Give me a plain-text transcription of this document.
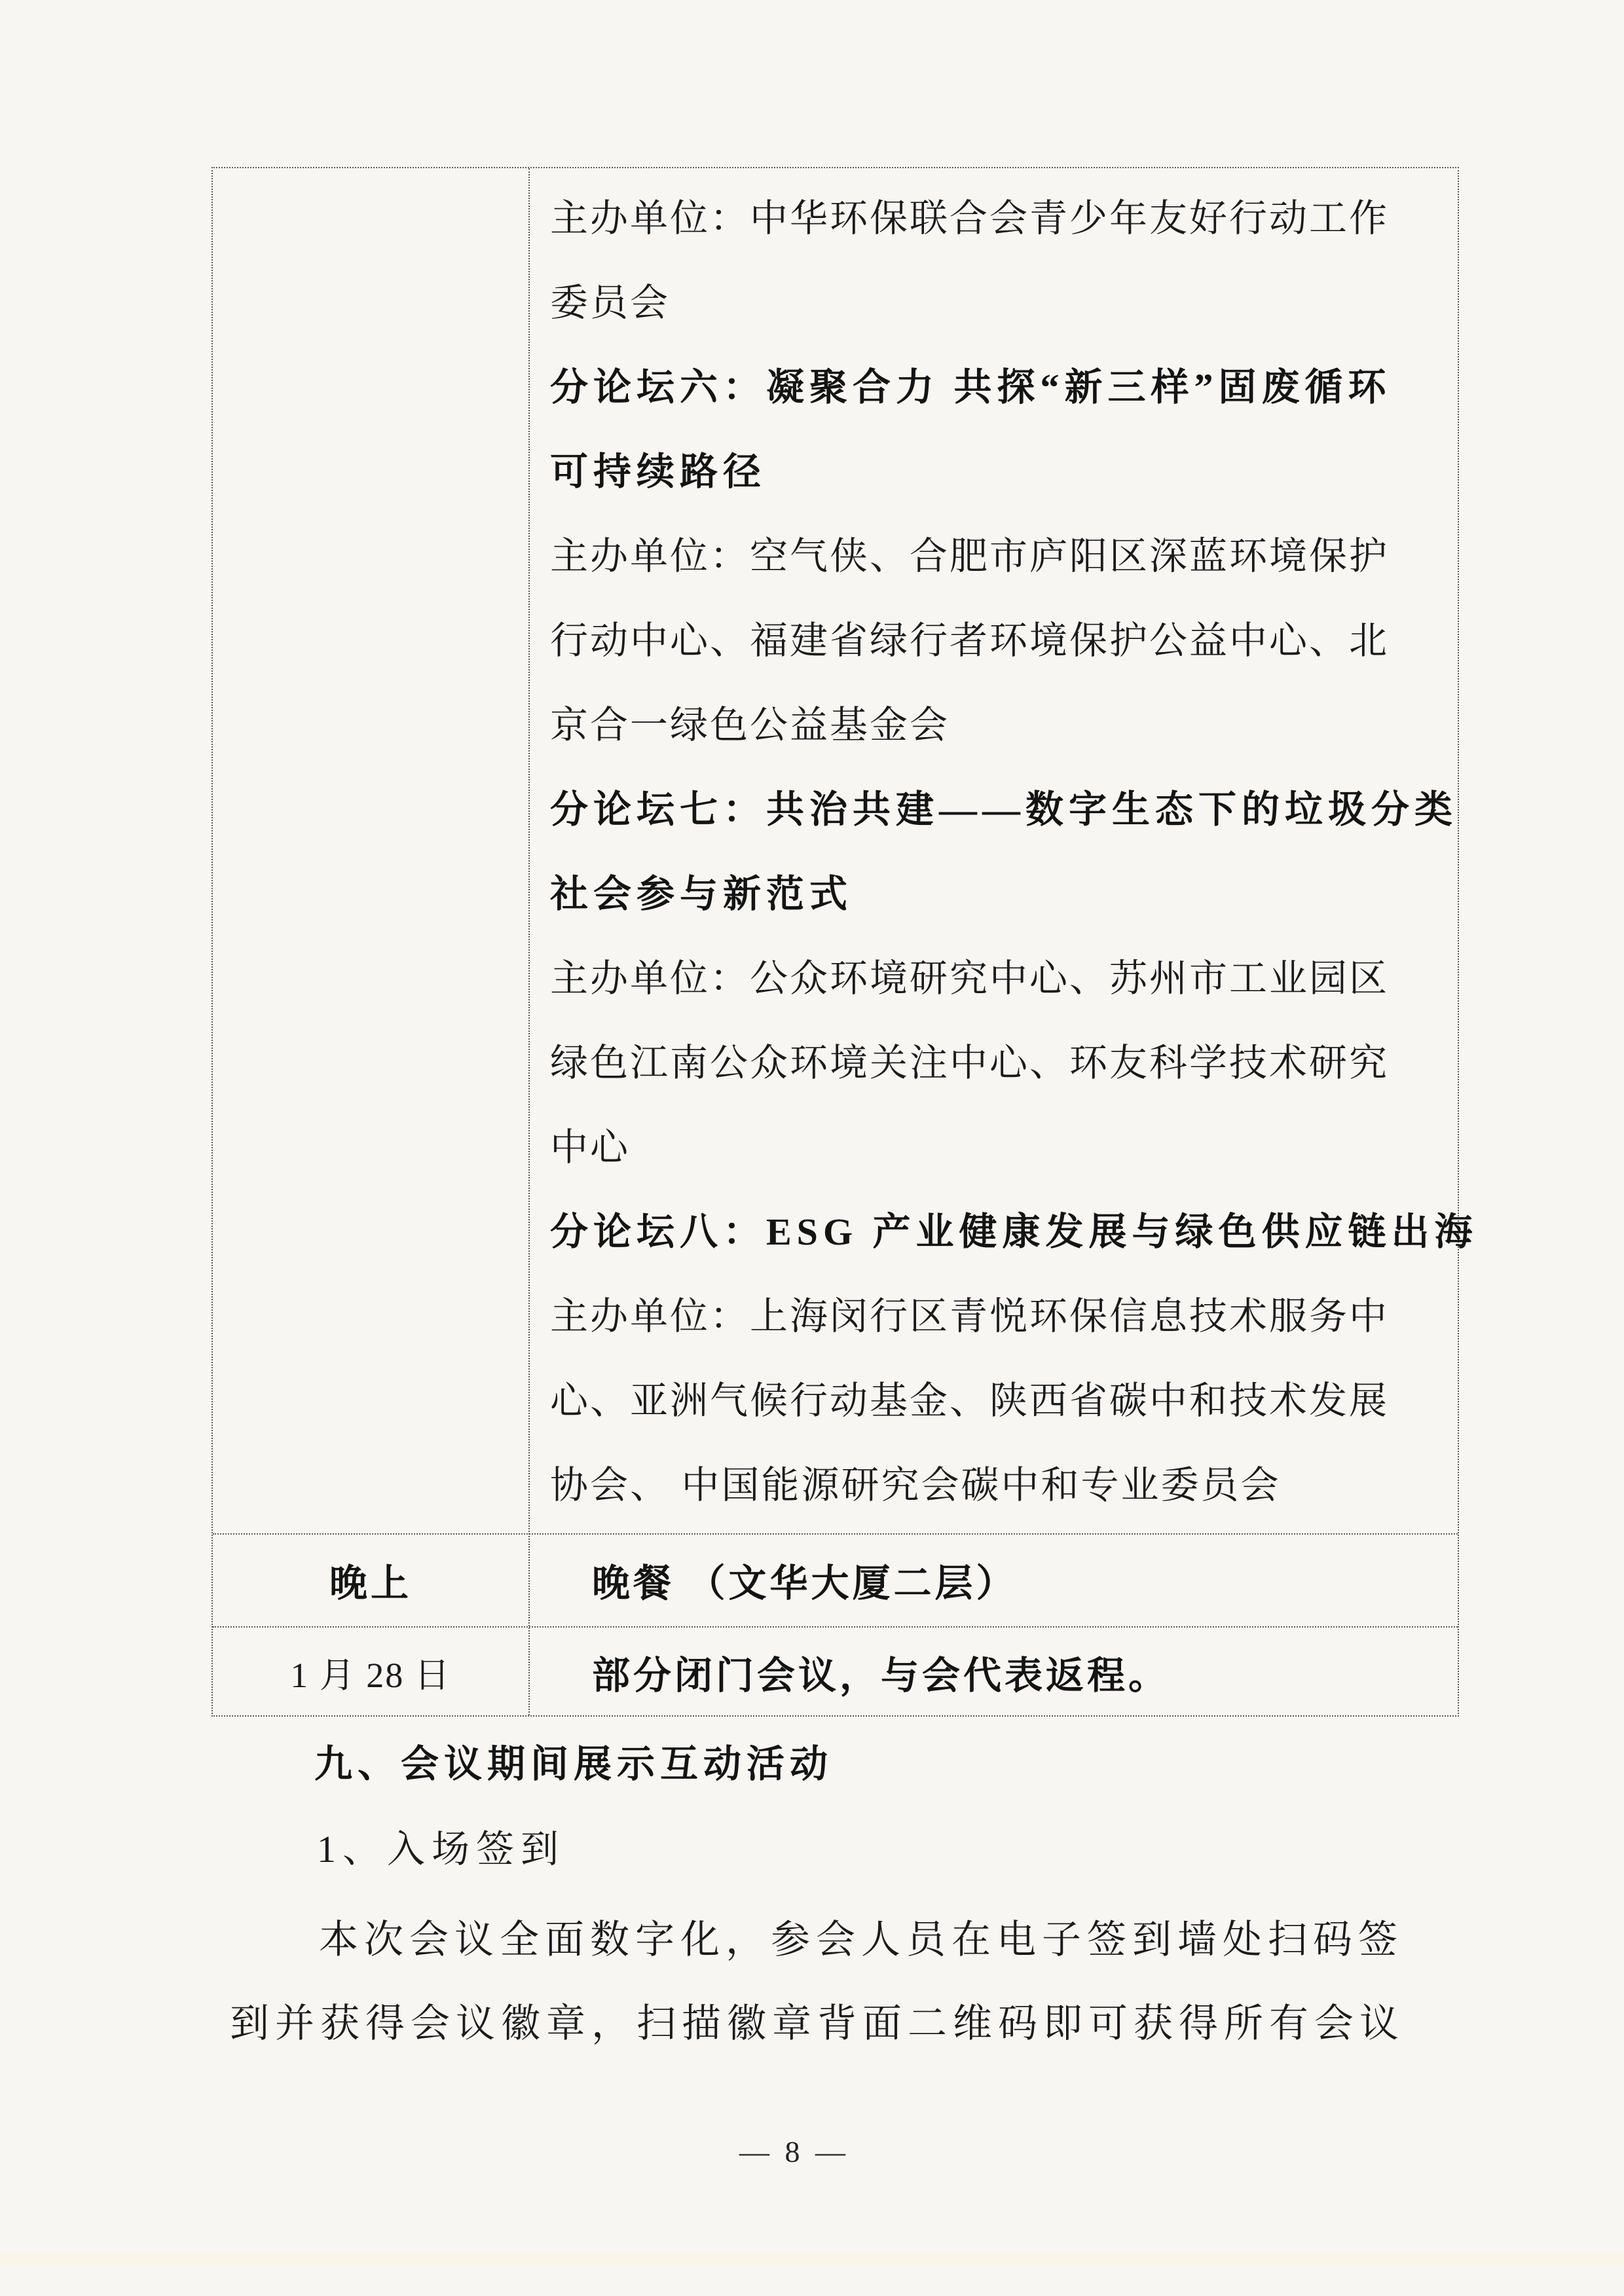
主办单位：中华环保联合会青少年友好行动工作
委员会
分论坛六：凝聚合力 共探“新三样”固废循环
可持续路径
主办单位：空气侠、合肥市庐阳区深蓝环境保护
行动中心、福建省绿行者环境保护公益中心、北
京合一绿色公益基金会
分论坛七：共治共建——数字生态下的垃圾分类
社会参与新范式
主办单位：公众环境研究中心、苏州市工业园区
绿色江南公众环境关注中心、环友科学技术研究
中心
分论坛八：ESG 产业健康发展与绿色供应链出海
主办单位：上海闵行区青悦环保信息技术服务中
心、亚洲气候行动基金、陕西省碳中和技术发展
协会、 中国能源研究会碳中和专业委员会
晚上	晚餐 （文华大厦二层）
1 月 28 日	部分闭门会议，与会代表返程。
九、会议期间展示互动活动
1、入场签到
本次会议全面数字化，参会人员在电子签到墙处扫码签
到并获得会议徽章，扫描徽章背面二维码即可获得所有会议
— 8 —
